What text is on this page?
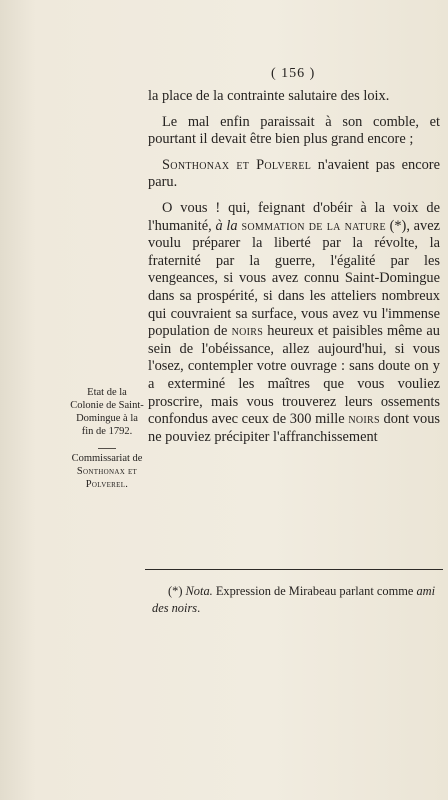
( 156 )

la place de la contrainte salutaire des loix.

Le mal enfin paraissait à son comble, et pourtant il devait être bien plus grand encore ;

Sonthonax et Polverel n'avaient pas encore paru.

O vous ! qui, feignant d'obéir à la voix de l'humanité, à la sommation de la nature (*), avez voulu préparer la liberté par la révolte, la fraternité par la guerre, l'égalité par les vengeances, si vous avez connu Saint-Domingue dans sa prospérité, si dans les atteliers nombreux qui couvraient sa surface, vous avez vu l'immense population de noirs heureux et paisibles même au sein de l'obéissance, allez aujourd'hui, si vous l'osez, contempler votre ouvrage : sans doute on y a exterminé les maîtres que vous vouliez proscrire, mais vous trouverez leurs ossements confondus avec ceux de 300 mille noirs dont vous ne pouviez précipiter l'affranchissement

Etat de la Colonie de Saint-Domingue à la fin de 1792.
Commissariat de Sonthonax et Polverel.
(*) Nota. Expression de Mirabeau parlant comme ami des noirs.
